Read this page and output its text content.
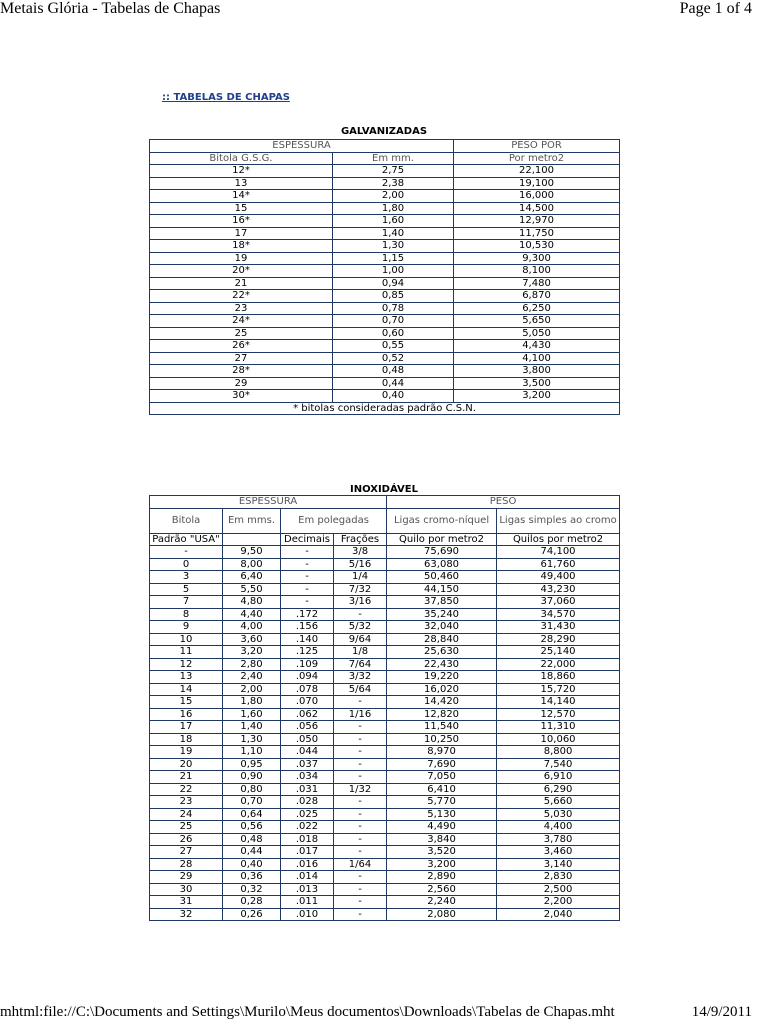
Metais Glória - Tabelas de Chapas	Page 1 of 4
:: TABELAS DE CHAPAS
GALVANIZADAS
ESPESSURA		PESO POR
Bitola G.S.G.	Em mm.	Por metro2
12*	2,75	22,100
13	2,38	19,100
14*	2,00	16,000
15	1,80	14,500
16*	1,60	12,970
17	1,40	11,750
18*	1,30	10,530
19	1,15	9,300
20*	1,00	8,100
21	0,94	7,480
22*	0,85	6,870
23	0,78	6,250
24*	0,70	5,650
25	0,60	5,050
26*	0,55	4,430
27	0,52	4,100
28*	0,48	3,800
29	0,44	3,500
30*	0,40	3,200
* bitolas consideradas padrão C.S.N.		
INOXIDÁVEL
ESPESSURA				PESO	
Bitola	Em mms.	Em polegadas		Ligas cromo-níquel	Ligas simples ao cromo
Padrão "USA"		Decimais	Frações	Quilo por metro2	Quilos por metro2
-	9,50	-	3/8	75,690	74,100
0	8,00	-	5/16	63,080	61,760
3	6,40	-	1/4	50,460	49,400
5	5,50	-	7/32	44,150	43,230
7	4,80	-	3/16	37,850	37,060
8	4,40	.172	-	35,240	34,570
9	4,00	.156	5/32	32,040	31,430
10	3,60	.140	9/64	28,840	28,290
11	3,20	.125	1/8	25,630	25,140
12	2,80	.109	7/64	22,430	22,000
13	2,40	.094	3/32	19,220	18,860
14	2,00	.078	5/64	16,020	15,720
15	1,80	.070	-	14,420	14,140
16	1,60	.062	1/16	12,820	12,570
17	1,40	.056	-	11,540	11,310
18	1,30	.050	-	10,250	10,060
19	1,10	.044	-	8,970	8,800
20	0,95	.037	-	7,690	7,540
21	0,90	.034	-	7,050	6,910
22	0,80	.031	1/32	6,410	6,290
23	0,70	.028	-	5,770	5,660
24	0,64	.025	-	5,130	5,030
25	0,56	.022	-	4,490	4,400
26	0,48	.018	-	3,840	3,780
27	0,44	.017	-	3,520	3,460
28	0,40	.016	1/64	3,200	3,140
29	0,36	.014	-	2,890	2,830
30	0,32	.013	-	2,560	2,500
31	0,28	.011	-	2,240	2,200
32	0,26	.010	-	2,080	2,040
mhtml:file://C:\Documents and Settings\Murilo\Meus documentos\Downloads\Tabelas de Chapas.mht	14/9/2011
